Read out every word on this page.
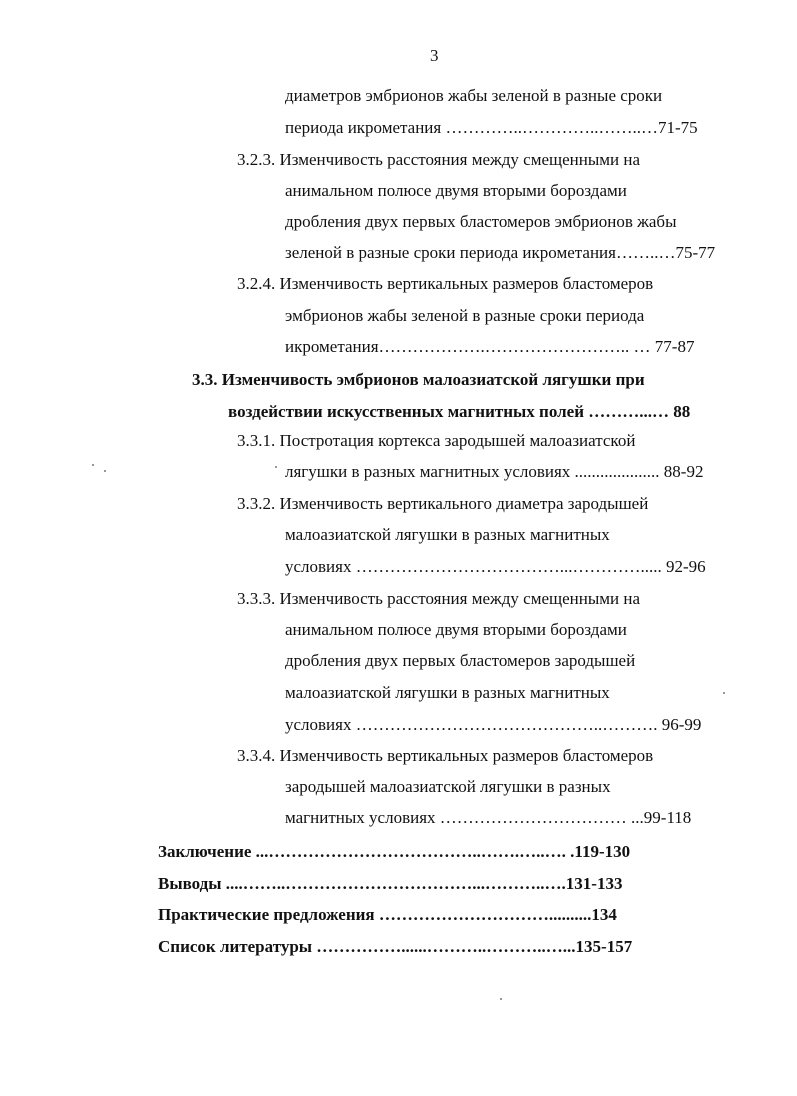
3
диаметров эмбрионов жабы зеленой в разные сроки
периода икрометания …………..…………..……..…71-75
3.2.3. Изменчивость расстояния между смещенными на
анимальном полюсе двумя вторыми бороздами
дробления двух первых бластомеров эмбрионов жабы
зеленой в разные сроки периода икрометания……..…75-77
3.2.4. Изменчивость вертикальных размеров бластомеров
эмбрионов жабы зеленой в разные сроки периода
икрометания……………….…………………….. … 77-87
3.3. Изменчивость эмбрионов малоазиатской лягушки при
воздействии искусственных магнитных полей ………...… 88
3.3.1. Постротация кортекса зародышей малоазиатской
лягушки в разных магнитных условиях .................... 88-92
3.3.2. Изменчивость вертикального диаметра зародышей
малоазиатской лягушки в разных магнитных
условиях ………………………………...…………..... 92-96
3.3.3. Изменчивость расстояния между смещенными на
анимальном полюсе двумя вторыми бороздами
дробления двух первых бластомеров зародышей
малоазиатской лягушки в разных магнитных
условиях ……………………………………..………. 96-99
3.3.4. Изменчивость вертикальных размеров бластомеров
зародышей малоазиатской лягушки в разных
магнитных условиях …………………………… ...99-118
Заключение ...………………………………..…….…..…. .119-130
Выводы ....……..……………………………...………..….131-133
Практические предложения …………………………..........134
Список литературы ……………......………..………..…...135-157
